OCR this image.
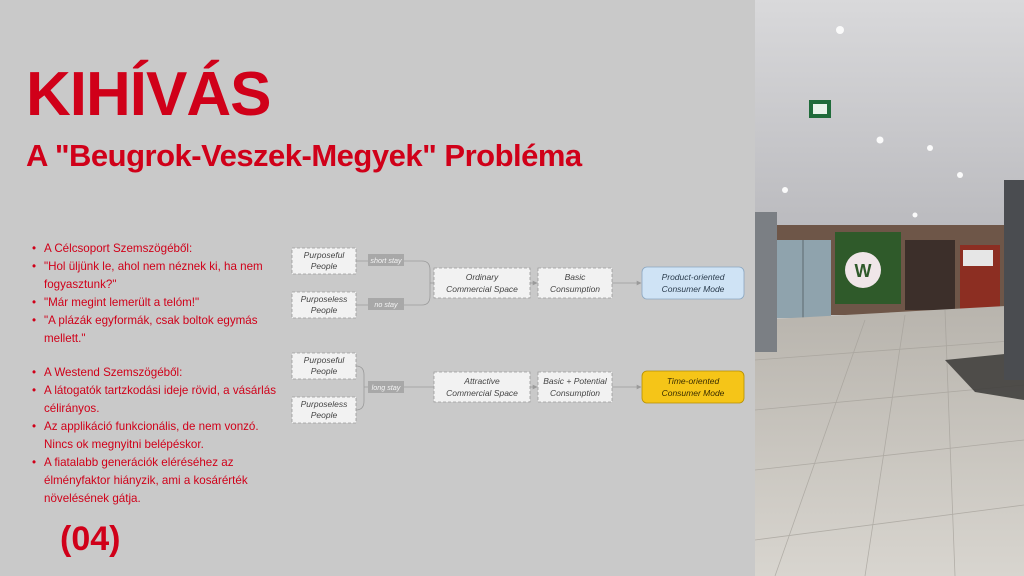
KIHÍVÁS
A "Beugrok-Veszek-Megyek" Probléma
• A Célcsoport Szemszögéből:
• "Hol üljünk le, ahol nem néznek ki, ha nem fogyasztunk?"
• "Már megint lemerült a telóm!"
• "A plázák egyformák, csak boltok egymás mellett."
• A Westend Szemszögéből:
• A látogatók tartzkodási ideje rövid, a vásárlás célirányos.
• Az applikáció funkcionális, de nem vonzó. Nincs ok megnyitni belépéskor.
• A fiatalabb generációk eléréséhez az élményfaktor hiányzik, ami a kosárérték növelésének gátja.
(04)
Purposeful
People
Purposeless
People
short stay
no stay
Ordinary
Commercial Space
Basic
Consumption
Product-oriented
Consumer Mode
Purposeful
People
Purposeless
People
long stay
Attractive
Commercial Space
Basic + Potential
Consumption
Time-oriented
Consumer Mode
W
